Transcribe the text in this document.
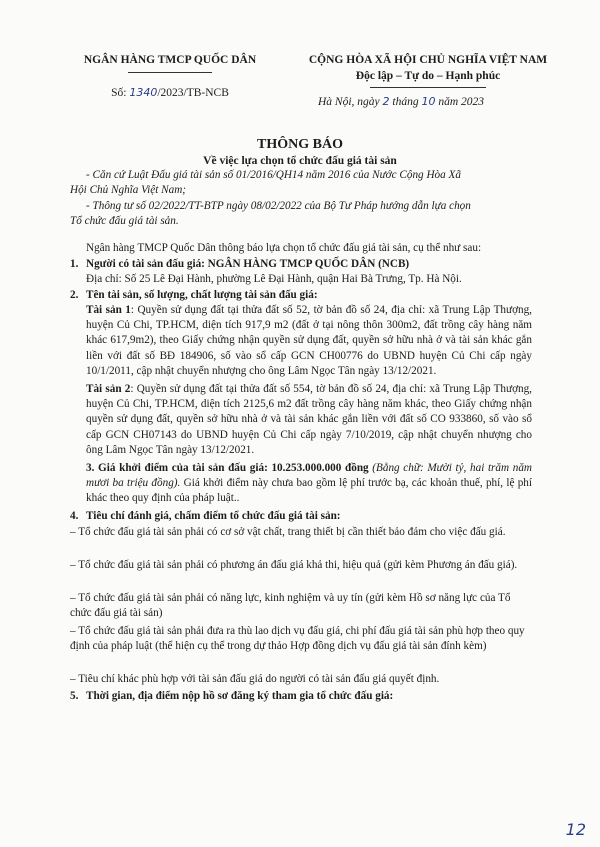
NGÂN HÀNG TMCP QUỐC DÂN
Số: 1340/2023/TB-NCB
CỘNG HÒA XÃ HỘI CHỦ NGHĨA VIỆT NAM
Độc lập – Tự do – Hạnh phúc
Hà Nội, ngày 2 tháng 10 năm 2023
THÔNG BÁO
Về việc lựa chọn tổ chức đấu giá tài sản
- Căn cứ Luật Đấu giá tài sản số 01/2016/QH14 năm 2016 của Nước Cộng Hòa Xã
Hội Chủ Nghĩa Việt Nam;
- Thông tư số 02/2022/TT-BTP ngày 08/02/2022 của Bộ Tư Pháp hướng dẫn lựa chọn
Tổ chức đấu giá tài sản.
Ngân hàng TMCP Quốc Dân thông báo lựa chọn tổ chức đấu giá tài sản, cụ thể như sau:
1. Người có tài sản đấu giá: NGÂN HÀNG TMCP QUỐC DÂN (NCB)
Địa chỉ: Số 25 Lê Đại Hành, phường Lê Đại Hành, quận Hai Bà Trưng, Tp. Hà Nội.
2. Tên tài sản, số lượng, chất lượng tài sản đấu giá:
Tài sản 1: Quyền sử dụng đất tại thửa đất số 52, tờ bản đồ số 24, địa chỉ: xã Trung Lập Thượng, huyện Củ Chi, TP.HCM, diện tích 917,9 m2 (đất ở tại nông thôn 300m2, đất trồng cây hàng năm khác 617,9m2), theo Giấy chứng nhận quyền sử dụng đất, quyền sở hữu nhà ở và tài sản khác gắn liền với đất số BĐ 184906, số vào sổ cấp GCN CH00776 do UBND huyện Củ Chi cấp ngày 10/1/2011, cập nhật chuyển nhượng cho ông Lâm Ngọc Tân ngày 13/12/2021.
Tài sản 2: Quyền sử dụng đất tại thửa đất số 554, tờ bản đồ số 24, địa chỉ: xã Trung Lập Thượng, huyện Củ Chi, TP.HCM, diện tích 2125,6 m2 đất trồng cây hàng năm khác, theo Giấy chứng nhận quyền sử dụng đất, quyền sở hữu nhà ở và tài sản khác gắn liền với đất số CO 933860, số vào sổ cấp GCN CH07143 do UBND huyện Củ Chi cấp ngày 7/10/2019, cập nhật chuyển nhượng cho ông Lâm Ngọc Tân ngày 13/12/2021.
3. Giá khởi điểm của tài sản đấu giá: 10.253.000.000 đồng (Bằng chữ: Mười tỷ, hai trăm năm mươi ba triệu đồng). Giá khởi điểm này chưa bao gồm lệ phí trước bạ, các khoản thuế, phí, lệ phí khác theo quy định của pháp luật..
4. Tiêu chí đánh giá, chấm điểm tổ chức đấu giá tài sản:
– Tổ chức đấu giá tài sản phải có cơ sở vật chất, trang thiết bị cần thiết bảo đảm cho việc đấu giá.
– Tổ chức đấu giá tài sản phải có phương án đấu giá khả thi, hiệu quả (gửi kèm Phương án đấu giá).
– Tổ chức đấu giá tài sản phải có năng lực, kinh nghiệm và uy tín (gửi kèm Hồ sơ năng lực của Tổ chức đấu giá tài sản)
– Tổ chức đấu giá tài sản phải đưa ra thù lao dịch vụ đấu giá, chi phí đấu giá tài sản phù hợp theo quy định của pháp luật (thể hiện cụ thể trong dự thảo Hợp đồng dịch vụ đấu giá tài sản đính kèm)
– Tiêu chí khác phù hợp với tài sản đấu giá do người có tài sản đấu giá quyết định.
5. Thời gian, địa điểm nộp hồ sơ đăng ký tham gia tổ chức đấu giá:
12
